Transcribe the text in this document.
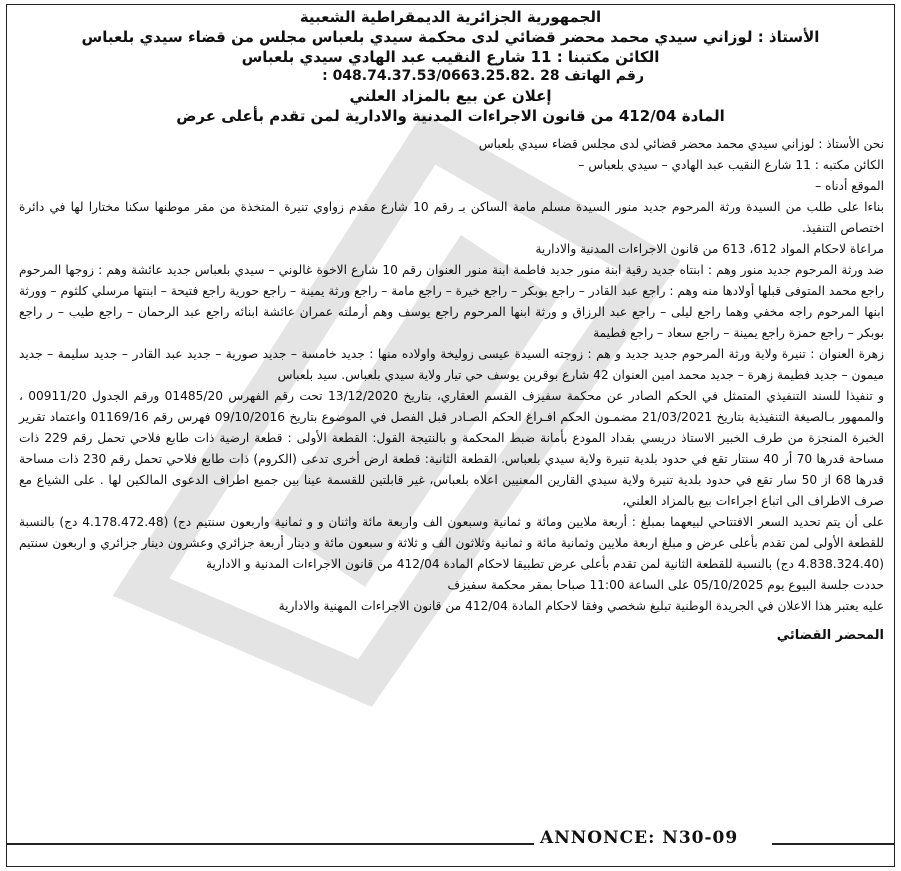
الجمهورية الجزائرية الديمقراطية الشعبية
الأستاذ : لوزاني سيدي محمد محضر قضائي لدى محكمة سيدي بلعباس مجلس من قضاء سيدي بلعباس
الكائن مكتبنا : 11 شارع النقيب عبد الهادي سيدي بلعباس
رقم الهاتف 28 .048.74.37.53/0663.25.82 :
إعلان عن بيع بالمزاد العلني
المادة 412/04 من قانون الاجراءات المدنية والادارية لمن تقدم بأعلى عرض

نحن الأستاذ : لوزاني سيدي محمد محضر قضائي لدى مجلس قضاء سيدي بلعباس

الكائن مكتبه : 11 شارع النقيب عبد الهادي – سيدي بلعباس –

الموقع أدناه –

بناءا على طلب من السيدة ورثة المرحوم جديد منور السيدة مسلم مامة الساكن بـ رقم 10 شارع مقدم زواوي تنيرة المتخذة من مقر موطنها سكنا مختارا لها في دائرة اختصاص التنفيذ.

مراعاة لاحكام المواد 612، 613 من قانون الاجراءات المدنية والادارية

ضد ورثة المرحوم جديد منور وهم : ابنتاه جديد رقية ابنة منور جديد فاطمة ابنة منور العنوان رقم 10 شارع الاخوة غالوني – سيدي بلعباس جديد عائشة وهم : زوجها المرحوم راجع محمد المتوفى قبلها أولادها منه وهم : راجع عبد القادر – راجع بوبكر – راجع خيرة – راجع مامة – راجع ورثة يمينة – راجع حورية راجع فتيحة – ابنتها مرسلي كلثوم – وورثة ابنها المرحوم راجه مخفي وهما راجع ليلى – راجع عبد الرزاق و ورثة ابنها المرحوم راجع يوسف وهم أرملته عمران عائشة ابنائه راجع عبد الرحمان – راجع طيب – ر راجع بوبكر – راجع حمزة راجع يمينة – راجع سعاد – راجع فطيمة

زهرة العنوان : تنيرة ولاية ورثة المرحوم جديد جديد و هم : زوجته السيدة عيسى زوليخة واولاده منها : جديد خامسة – جديد صورية – جديد عبد القادر – جديد سليمة – جديد ميمون – جديد فطيمة زهرة – جديد محمد امين العنوان 42 شارع بوقرين يوسف حي تيار ولاية سيدي بلعباس. سيد بلعباس

و تنفيذا للسند التنفيذي المتمثل في الحكم الصادر عن محكمة سفيزف القسم العقاري، بتاريخ 13/12/2020 تحت رقم الفهرس 01485/20 ورقم الجدول 00911/20 ، والممهور بـالصيغة التنفيذية بتاريخ 21/03/2021 مضمـون الحكم افـراغ الحكم الصـادر قبل الفصل في الموضوع بتاريخ 09/10/2016 فهرس رقم 01169/16 واعتماد تقرير الخبرة المنجزة من طرف الخبير الاستاذ دريسي بقداد المودع بأمانة ضبط المحكمة و بالنتيجة القول: القطعة الأولى : قطعة ارضية ذات طابع فلاحي تحمل رقم 229 ذات مساحة قدرها 70 أر 40 سنتار تقع في حدود بلدية تنيرة ولاية سيدي بلعباس. القطعة الثانية: قطعة ارض أخرى تدعى (الكروم) ذات طابع فلاحي تحمل رقم 230 ذات مساحة قدرها 68 از 50 سار تقع في حدود بلدية تنيرة ولاية سيدي القارين المعنيين اعلاه بلعباس، غير قابلتين للقسمة عينا بين جميع اطراف الدعوى المالكين لها . على الشياع مع صرف الاطراف الى اتباع اجراءات بيع بالمزاد العلني،

على أن يتم تحديد السعر الافتتاحي لبيعهما بمبلغ : أربعة ملايين ومائة و ثمانية وسبعون الف واربعة مائة واثنان و و ثمانية واربعون سنتيم دج) (4.178.472.48 دج) بالنسبة للقطعة الأولى لمن تقدم بأعلى عرض و مبلغ اربعة ملايين وثمانية مائة و ثمانية وثلاثون الف و ثلاثة و سبعون مائة و دينار أربعة جزائري وعشرون دينار جزائري و اربعون سنتيم (4.838.324.40 دج) بالنسبة للقطعة الثانية لمن تقدم بأعلى عرض تطبيقا لاحكام المادة 412/04 من قانون الاجراءات المدنية و الادارية

حددت جلسة البيوع يوم 05/10/2025 على الساعة 11:00 صباحا بمقر محكمة سفيزف

عليه يعتبر هذا الاعلان في الجريدة الوطنية تبليغ شخصي وفقا لاحكام المادة 412/04 من قانون الاجراءات المهنية والادارية

المحضر القضائي
ANNONCE: N30-09
